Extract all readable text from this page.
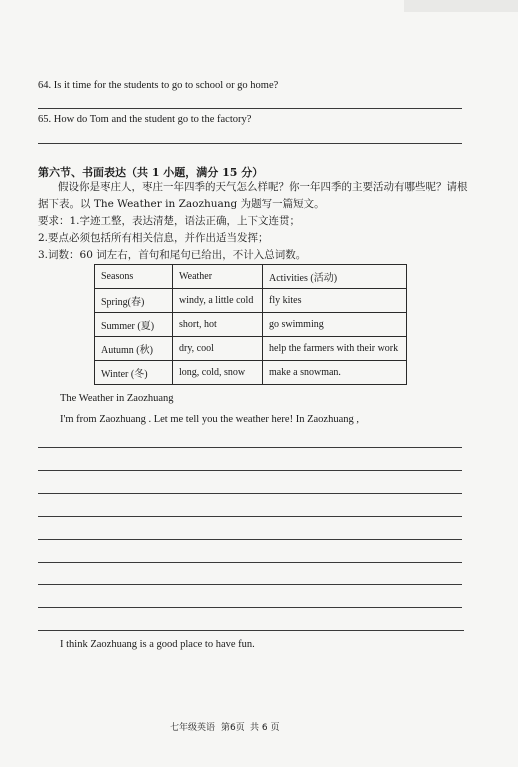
64. Is it time for the students to go to school or go home?
65. How do Tom and the student go to the factory?
第六节、书面表达（共 1 小题，满分 15 分）
假设你是枣庄人，枣庄一年四季的天气怎么样呢？你一年四季的主要活动有哪些呢？请根
据下表。以 The Weather in Zaozhuang 为题写一篇短文。
要求：1.字迹工整，表达清楚，语法正确，上下文连贯；
2.要点必须包括所有相关信息，并作出适当发挥；
3.词数：60 词左右，首句和尾句已给出，不计入总词数。
Seasons	Weather	Activities (活动)
Spring(春)	windy, a little cold	fly kites
Summer (夏)	short, hot	go swimming
Autumn (秋)	dry, cool	help the farmers with their work
Winter (冬)	long, cold, snow	make a snowman.
The Weather in Zaozhuang
I'm from Zaozhuang . Let me tell you the weather here! In Zaozhuang ,
I think Zaozhuang is a good place to have fun.
七年级英语 第6页 共 6 页
